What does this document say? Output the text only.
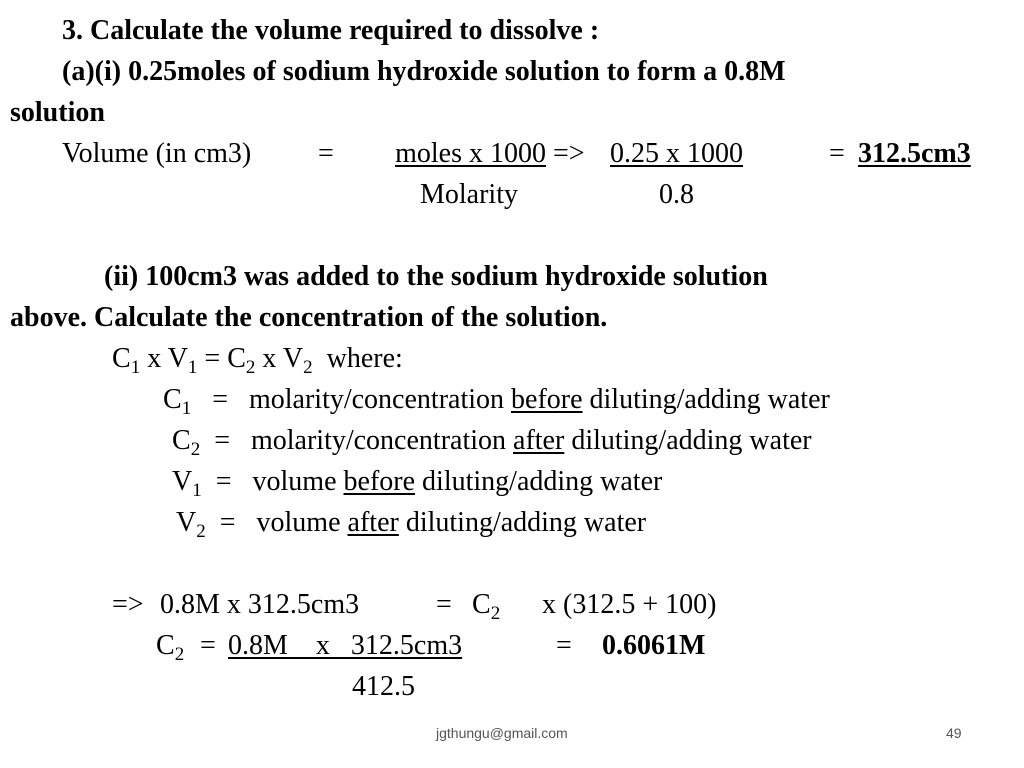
3. Calculate the volume required to dissolve :
(a)(i) 0.25moles of sodium hydroxide solution to form a 0.8M
solution
Volume (in cm3) =	moles x 1000 => 0.25 x 1000	= 312.5cm3
Molarity	0.8
(ii) 100cm3 was added to the sodium hydroxide solution
above. Calculate the concentration of the solution.
$C_1$ x $V_1 = C_2$ x $V_2$ where:
$C_1$ = molarity/concentration before diluting/adding water
$C_2$ = molarity/concentration after diluting/adding water
$V_1$ = volume before diluting/adding water
$V_2$ = volume after diluting/adding water
=> 0.8M x 312.5cm3	= $C_2$ x (312.5 + 100)
$C_2 = 0.8M$    x   312.5cm3	= 0.6061M
412.5
jgthungu@gmail.com	49
